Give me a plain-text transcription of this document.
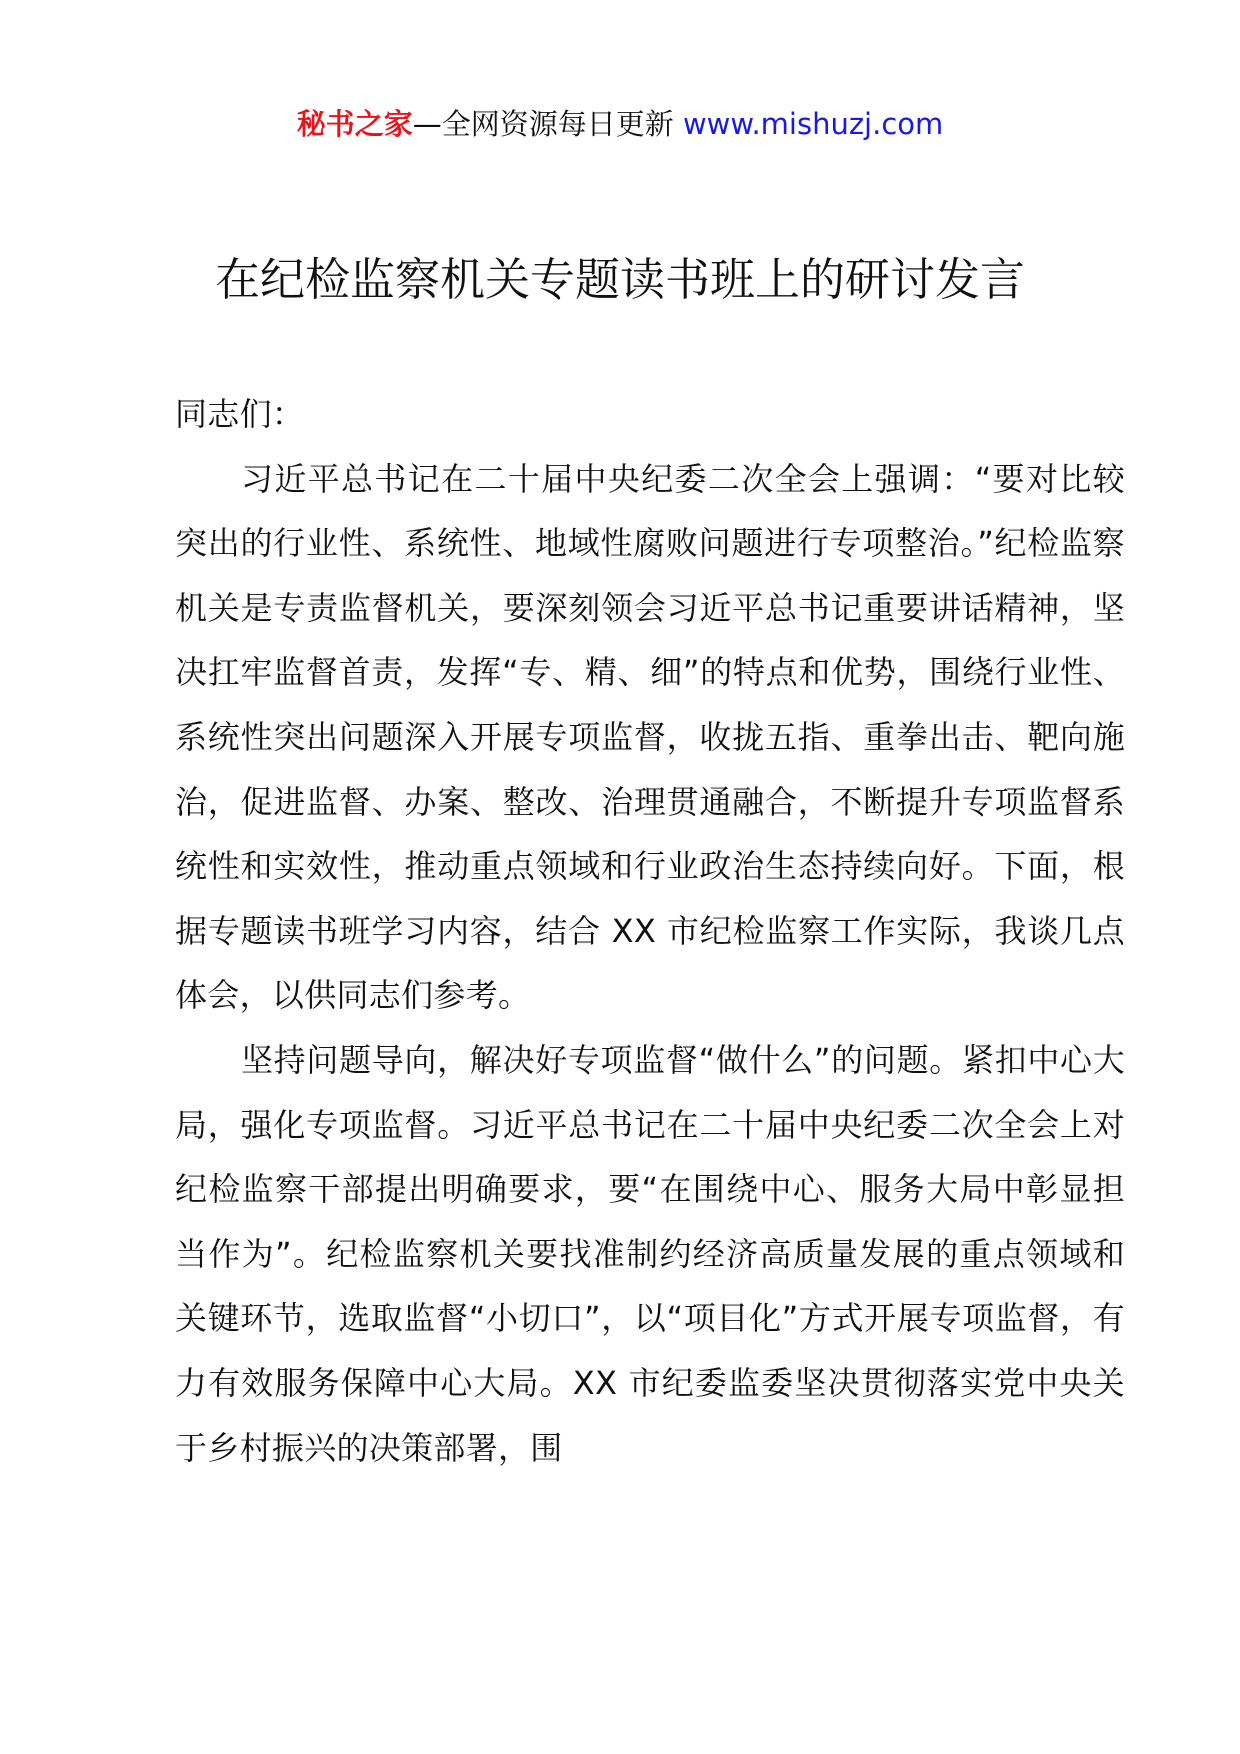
秘书之家—全网资源每日更新 www.mishuzj.com
在纪检监察机关专题读书班上的研讨发言

同志们：

习近平总书记在二十届中央纪委二次全会上强调：“要对比较突出的行业性、系统性、地域性腐败问题进行专项整治。”纪检监察机关是专责监督机关，要深刻领会习近平总书记重要讲话精神，坚决扛牢监督首责，发挥“专、精、细”的特点和优势，围绕行业性、系统性突出问题深入开展专项监督，收拢五指、重拳出击、靶向施治，促进监督、办案、整改、治理贯通融合，不断提升专项监督系统性和实效性，推动重点领域和行业政治生态持续向好。下面，根据专题读书班学习内容，结合 XX 市纪检监察工作实际，我谈几点体会，以供同志们参考。

坚持问题导向，解决好专项监督“做什么”的问题。紧扣中心大局，强化专项监督。习近平总书记在二十届中央纪委二次全会上对纪检监察干部提出明确要求，要“在围绕中心、服务大局中彰显担当作为”。纪检监察机关要找准制约经济高质量发展的重点领域和关键环节，选取监督“小切口”，以“项目化”方式开展专项监督，有力有效服务保障中心大局。XX 市纪委监委坚决贯彻落实党中央关于乡村振兴的决策部署，围
